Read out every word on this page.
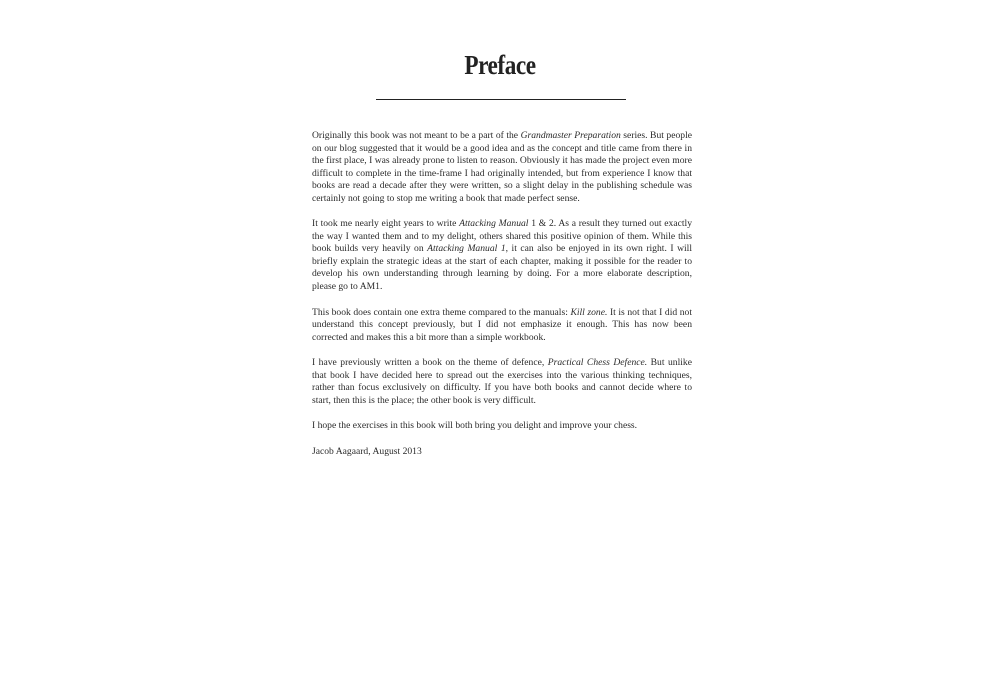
Preface

Originally this book was not meant to be a part of the Grandmaster Preparation series. But people on our blog suggested that it would be a good idea and as the concept and title came from there in the first place, I was already prone to listen to reason. Obviously it has made the project even more difficult to complete in the time-frame I had originally intended, but from experience I know that books are read a decade after they were written, so a slight delay in the publishing schedule was certainly not going to stop me writing a book that made perfect sense.

It took me nearly eight years to write Attacking Manual 1 & 2. As a result they turned out exactly the way I wanted them and to my delight, others shared this positive opinion of them. While this book builds very heavily on Attacking Manual 1, it can also be enjoyed in its own right. I will briefly explain the strategic ideas at the start of each chapter, making it possible for the reader to develop his own understanding through learning by doing. For a more elaborate description, please go to AM1.

This book does contain one extra theme compared to the manuals: Kill zone. It is not that I did not understand this concept previously, but I did not emphasize it enough. This has now been corrected and makes this a bit more than a simple workbook.

I have previously written a book on the theme of defence, Practical Chess Defence. But unlike that book I have decided here to spread out the exercises into the various thinking techniques, rather than focus exclusively on difficulty. If you have both books and cannot decide where to start, then this is the place; the other book is very difficult.

I hope the exercises in this book will both bring you delight and improve your chess.

Jacob Aagaard, August 2013
